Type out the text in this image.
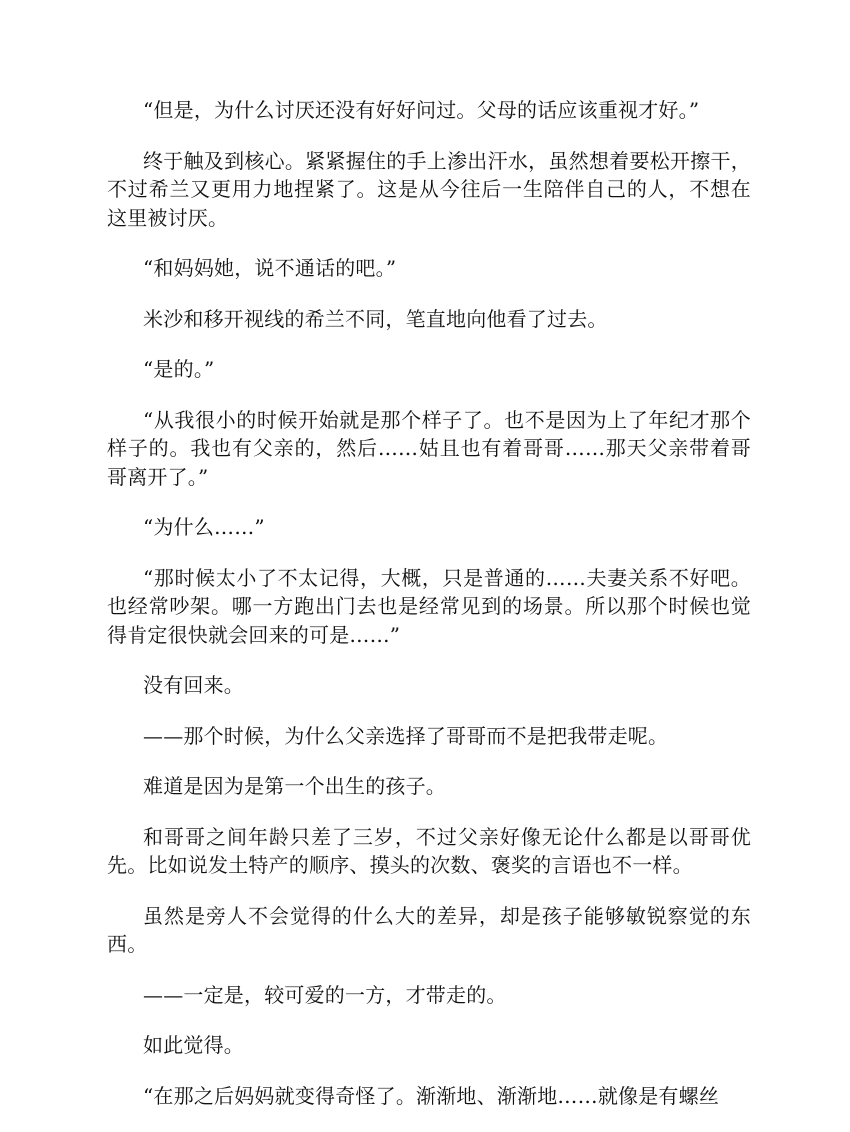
“但是，为什么讨厌还没有好好问过。父母的话应该重视才好。”

终于触及到核心。紧紧握住的手上渗出汗水，虽然想着要松开擦干，不过希兰又更用力地捏紧了。这是从今往后一生陪伴自己的人，不想在这里被讨厌。

“和妈妈她，说不通话的吧。”

米沙和移开视线的希兰不同，笔直地向他看了过去。

“是的。”

“从我很小的时候开始就是那个样子了。也不是因为上了年纪才那个样子的。我也有父亲的，然后……姑且也有着哥哥……那天父亲带着哥哥离开了。”

“为什么……”

“那时候太小了不太记得，大概，只是普通的……夫妻关系不好吧。也经常吵架。哪一方跑出门去也是经常见到的场景。所以那个时候也觉得肯定很快就会回来的可是……”

没有回来。

——那个时候，为什么父亲选择了哥哥而不是把我带走呢。

难道是因为是第一个出生的孩子。

和哥哥之间年龄只差了三岁，不过父亲好像无论什么都是以哥哥优先。比如说发土特产的顺序、摸头的次数、褒奖的言语也不一样。

虽然是旁人不会觉得的什么大的差异，却是孩子能够敏锐察觉的东西。

——一定是，较可爱的一方，才带走的。

如此觉得。

“在那之后妈妈就变得奇怪了。渐渐地、渐渐地……就像是有螺丝
